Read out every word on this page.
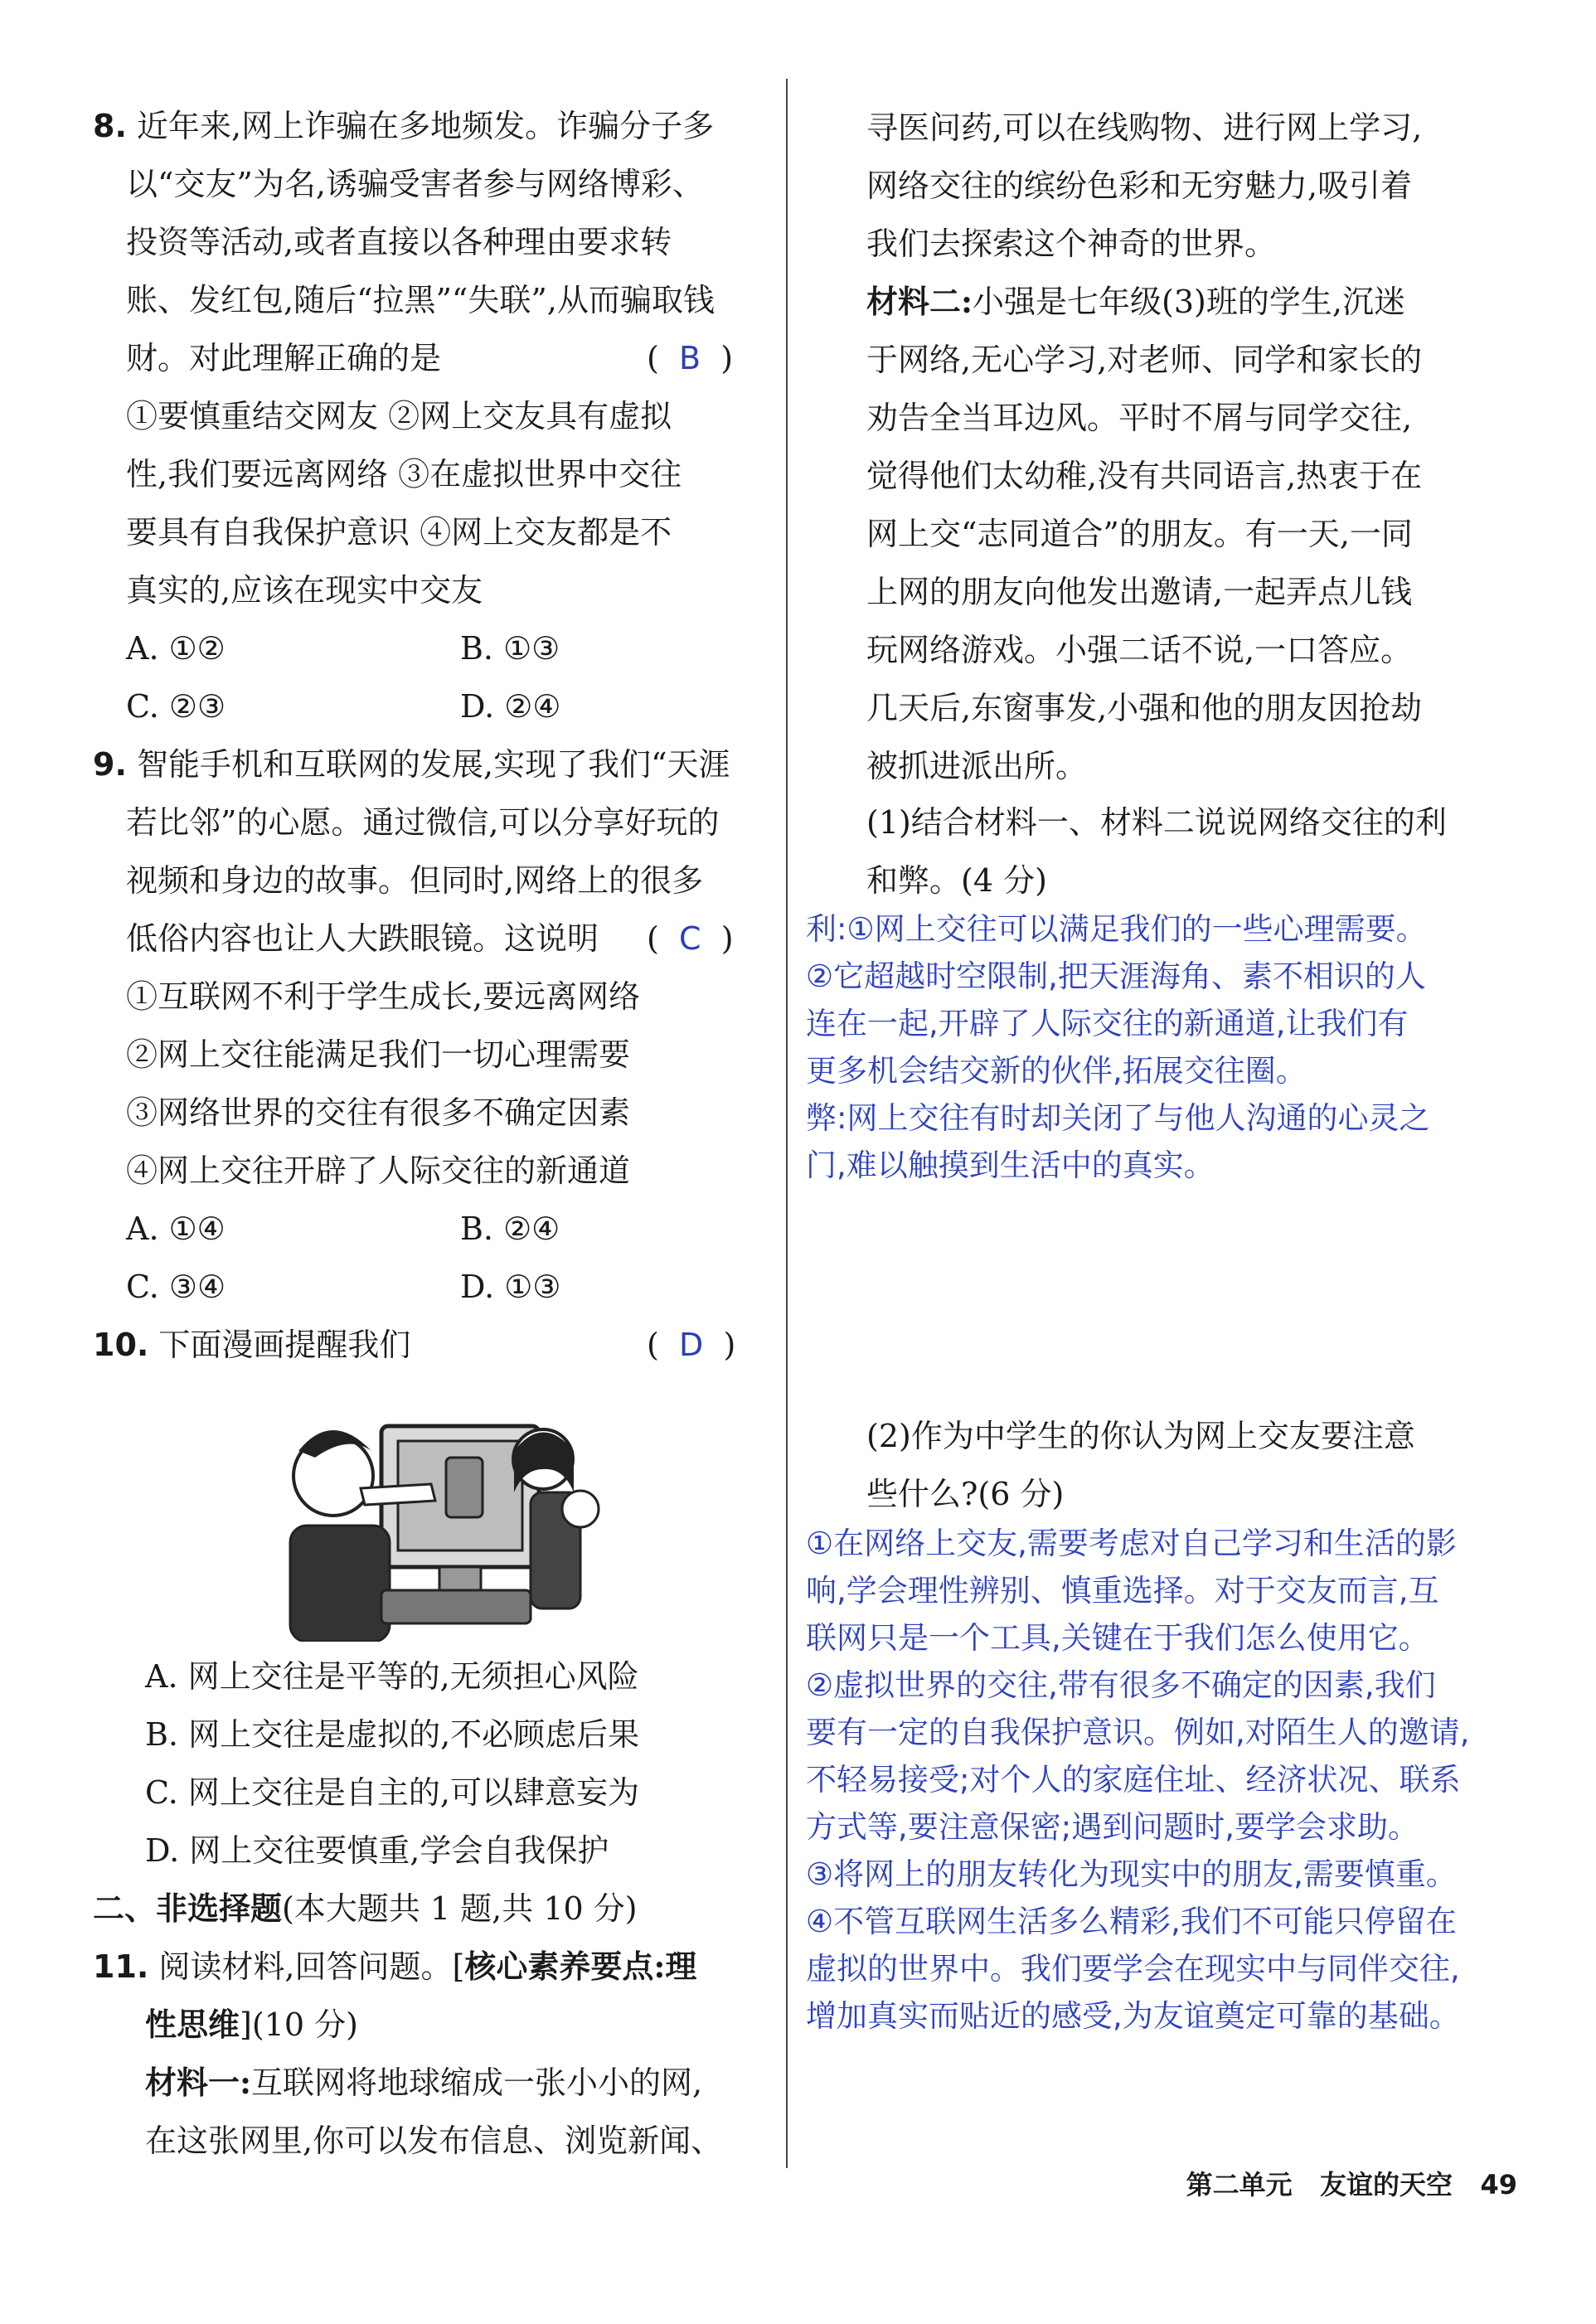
8. 近年来,网上诈骗在多地频发。诈骗分子多
以“交友”为名,诱骗受害者参与网络博彩、
投资等活动,或者直接以各种理由要求转
账、发红包,随后“拉黑”“失联”,从而骗取钱
财。对此理解正确的是	( B )
①要慎重结交网友 ②网上交友具有虚拟
性,我们要远离网络 ③在虚拟世界中交往
要具有自我保护意识 ④网上交友都是不
真实的,应该在现实中交友
A. ①②	B. ①③
C. ②③	D. ②④
9. 智能手机和互联网的发展,实现了我们“天涯
若比邻”的心愿。通过微信,可以分享好玩的
视频和身边的故事。但同时,网络上的很多
低俗内容也让人大跌眼镜。这说明 ( C )
①互联网不利于学生成长,要远离网络
②网上交往能满足我们一切心理需要
③网络世界的交往有很多不确定因素
④网上交往开辟了人际交往的新通道
A. ①④	B. ②④
C. ③④	D. ①③
10. 下面漫画提醒我们	( D )
A. 网上交往是平等的,无须担心风险
B. 网上交往是虚拟的,不必顾虑后果
C. 网上交往是自主的,可以肆意妄为
D. 网上交往要慎重,学会自我保护
二、非选择题(本大题共 1 题,共 10 分)
11. 阅读材料,回答问题。[核心素养要点:理
性思维](10 分)
材料一:互联网将地球缩成一张小小的网,
在这张网里,你可以发布信息、浏览新闻、
寻医问药,可以在线购物、进行网上学习,
网络交往的缤纷色彩和无穷魅力,吸引着
我们去探索这个神奇的世界。
材料二:小强是七年级(3)班的学生,沉迷
于网络,无心学习,对老师、同学和家长的
劝告全当耳边风。平时不屑与同学交往,
觉得他们太幼稚,没有共同语言,热衷于在
网上交“志同道合”的朋友。有一天,一同
上网的朋友向他发出邀请,一起弄点儿钱
玩网络游戏。小强二话不说,一口答应。
几天后,东窗事发,小强和他的朋友因抢劫
被抓进派出所。
(1)结合材料一、材料二说说网络交往的利
和弊。(4 分)
利:①网上交往可以满足我们的一些心理需要。
②它超越时空限制,把天涯海角、素不相识的人
连在一起,开辟了人际交往的新通道,让我们有
更多机会结交新的伙伴,拓展交往圈。
弊:网上交往有时却关闭了与他人沟通的心灵之
门,难以触摸到生活中的真实。
(2)作为中学生的你认为网上交友要注意
些什么?(6 分)
①在网络上交友,需要考虑对自己学习和生活的影
响,学会理性辨别、慎重选择。对于交友而言,互
联网只是一个工具,关键在于我们怎么使用它。
②虚拟世界的交往,带有很多不确定的因素,我们
要有一定的自我保护意识。例如,对陌生人的邀请,
不轻易接受;对个人的家庭住址、经济状况、联系
方式等,要注意保密;遇到问题时,要学会求助。
③将网上的朋友转化为现实中的朋友,需要慎重。
④不管互联网生活多么精彩,我们不可能只停留在
虚拟的世界中。我们要学会在现实中与同伴交往,
增加真实而贴近的感受,为友谊奠定可靠的基础。
第二单元 友谊的天空 49
